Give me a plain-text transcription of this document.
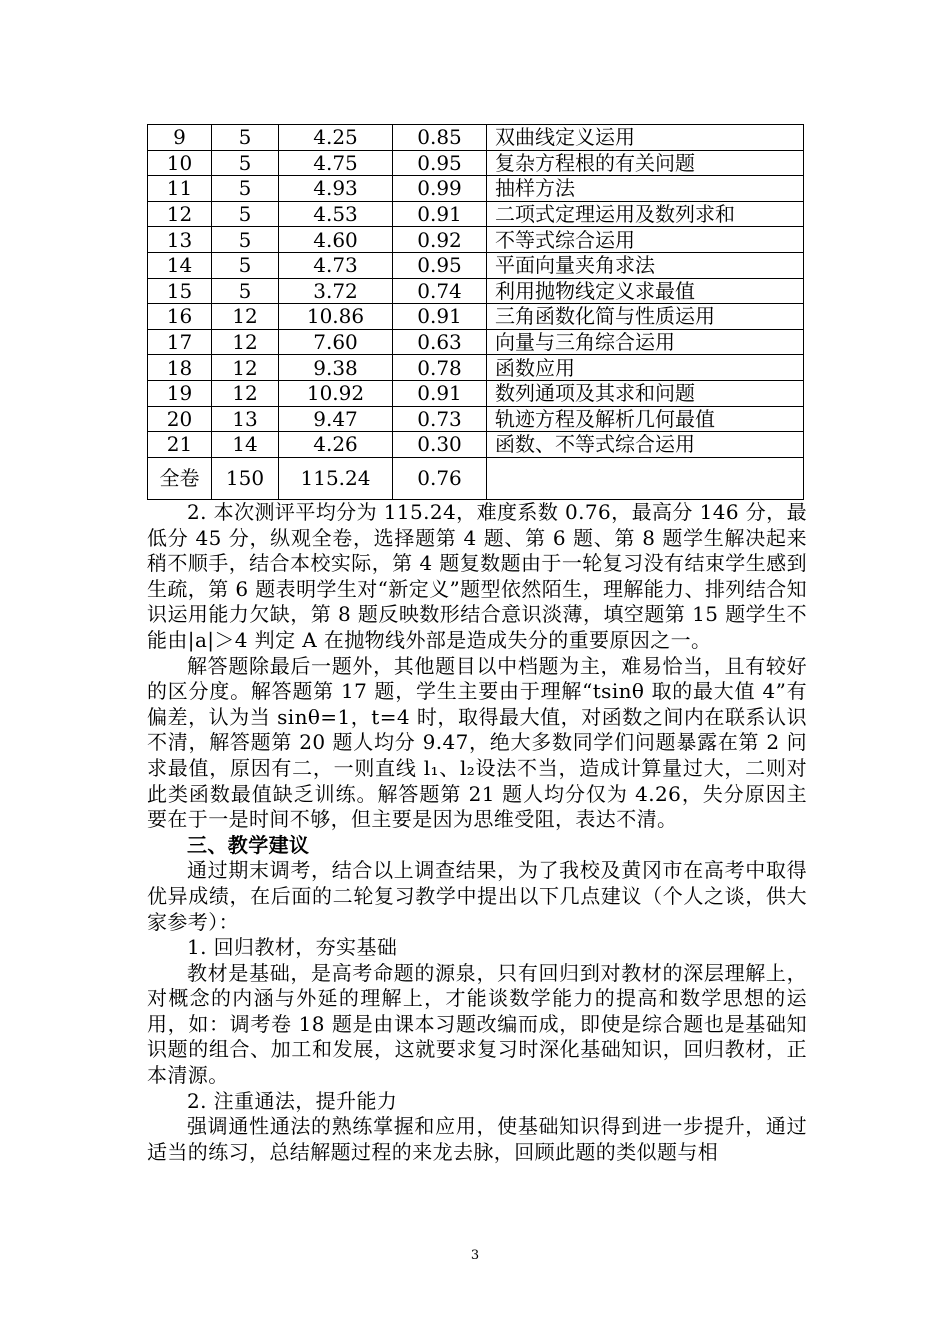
9	5	4.25	0.85	双曲线定义运用
10	5	4.75	0.95	复杂方程根的有关问题
11	5	4.93	0.99	抽样方法
12	5	4.53	0.91	二项式定理运用及数列求和
13	5	4.60	0.92	不等式综合运用
14	5	4.73	0.95	平面向量夹角求法
15	5	3.72	0.74	利用抛物线定义求最值
16	12	10.86	0.91	三角函数化简与性质运用
17	12	7.60	0.63	向量与三角综合运用
18	12	9.38	0.78	函数应用
19	12	10.92	0.91	数列通项及其求和问题
20	13	9.47	0.73	轨迹方程及解析几何最值
21	14	4.26	0.30	函数、不等式综合运用
全卷	150	115.24	0.76	

2. 本次测评平均分为 115.24，难度系数 0.76，最高分 146 分，最低分 45 分，纵观全卷，选择题第 4 题、第 6 题、第 8 题学生解决起来稍不顺手，结合本校实际，第 4 题复数题由于一轮复习没有结束学生感到生疏，第 6 题表明学生对“新定义”题型依然陌生，理解能力、排列结合知识运用能力欠缺，第 8 题反映数形结合意识淡薄，填空题第 15 题学生不能由|a|＞4 判定 A 在抛物线外部是造成失分的重要原因之一。

解答题除最后一题外，其他题目以中档题为主，难易恰当，且有较好的区分度。解答题第 17 题，学生主要由于理解“tsinθ 取的最大值 4”有偏差，认为当 sinθ=1，t=4 时，取得最大值，对函数之间内在联系认识不清，解答题第 20 题人均分 9.47，绝大多数同学们问题暴露在第 2 问求最值，原因有二，一则直线 l₁、l₂设法不当，造成计算量过大，二则对此类函数最值缺乏训练。解答题第 21 题人均分仅为 4.26，失分原因主要在于一是时间不够，但主要是因为思维受阻，表达不清。

三、教学建议

通过期末调考，结合以上调查结果，为了我校及黄冈市在高考中取得优异成绩，在后面的二轮复习教学中提出以下几点建议（个人之谈，供大家参考）：

1. 回归教材，夯实基础

教材是基础，是高考命题的源泉，只有回归到对教材的深层理解上，对概念的内涵与外延的理解上，才能谈数学能力的提高和数学思想的运用，如：调考卷 18 题是由课本习题改编而成，即使是综合题也是基础知识题的组合、加工和发展，这就要求复习时深化基础知识，回归教材，正本清源。

2. 注重通法，提升能力

强调通性通法的熟练掌握和应用，使基础知识得到进一步提升，通过适当的练习，总结解题过程的来龙去脉，回顾此题的类似题与相

3
